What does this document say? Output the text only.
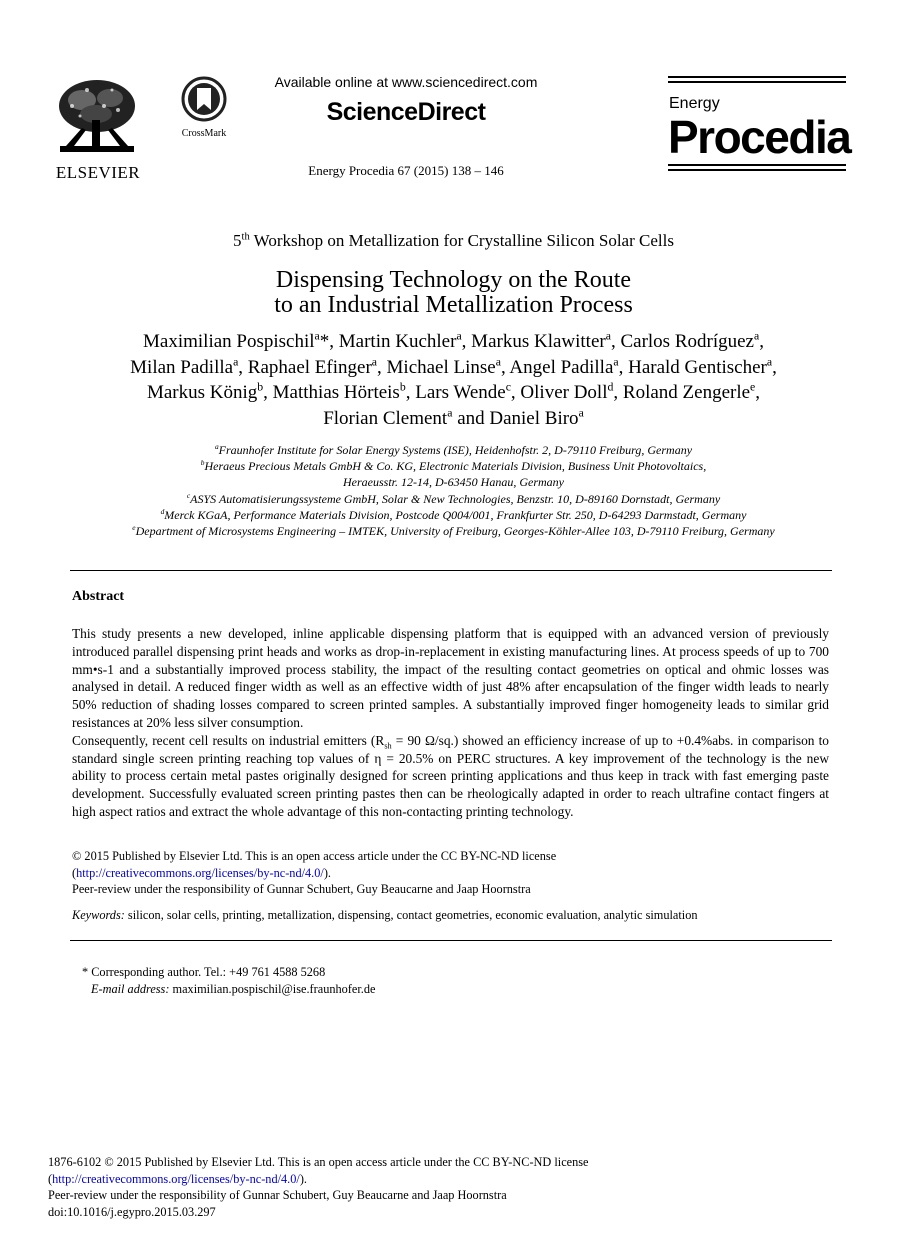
ELSEVIER
CrossMark
Available online at www.sciencedirect.com
ScienceDirect
Energy Procedia 67 (2015) 138 – 146
Energy
Procedia
5th Workshop on Metallization for Crystalline Silicon Solar Cells
Dispensing Technology on the Route
to an Industrial Metallization Process
Maximilian Pospischil$^a$*, Martin Kuchler$^a$, Markus Klawitter$^a$, Carlos Rodríguez$^a$,
Milan Padilla$^a$, Raphael Efinger$^a$, Michael Linse$^a$, Angel Padilla$^a$, Harald Gentischer$^a$,
Markus König$^b$, Matthias Hörteis$^b$, Lars Wende$^c$, Oliver Doll$^d$, Roland Zengerle$^e$,
Florian Clement$^a$ and Daniel Biro$^a$
$^a$Fraunhofer Institute for Solar Energy Systems (ISE), Heidenhofstr. 2, D-79110 Freiburg, Germany
$^b$Heraeus Precious Metals GmbH & Co. KG, Electronic Materials Division, Business Unit Photovoltaics,
Heraeusstr. 12-14, D-63450 Hanau, Germany
$^c$ASYS Automatisierungssysteme GmbH, Solar & New Technologies, Benzstr. 10, D-89160 Dornstadt, Germany
$^d$Merck KGaA, Performance Materials Division, Postcode Q004/001, Frankfurter Str. 250, D-64293 Darmstadt, Germany
$^e$Department of Microsystems Engineering – IMTEK, University of Freiburg, Georges-Köhler-Allee 103, D-79110 Freiburg, Germany
Abstract

This study presents a new developed, inline applicable dispensing platform that is equipped with an advanced version of previously introduced parallel dispensing print heads and works as drop-in-replacement in existing manufacturing lines. At process speeds of up to 700 mm•s-1 and a substantially improved process stability, the impact of the resulting contact geometries on optical and ohmic losses was analysed in detail. A reduced finger width as well as an effective width of just 48% after encapsulation of the finger width leads to nearly 50% reduction of shading losses compared to screen printed samples. A substantially improved finger homogeneity leads to similar grid resistances at 20% less silver consumption.

Consequently, recent cell results on industrial emitters ($R_{sh} = 90$ Ω/sq.) showed an efficiency increase of up to +0.4%abs. in comparison to standard single screen printing reaching top values of η = 20.5% on PERC structures. A key improvement of the technology is the new ability to process certain metal pastes originally designed for screen printing applications and thus keep in track with fast emerging paste development. Successfully evaluated screen printing pastes then can be rheologically adapted in order to reach ultrafine contact fingers at high aspect ratios and extract the whole advantage of this non-contacting printing technology.

© 2015 Published by Elsevier Ltd. This is an open access article under the CC BY-NC-ND license
(http://creativecommons.org/licenses/by-nc-nd/4.0/).
Peer-review under the responsibility of Gunnar Schubert, Guy Beaucarne and Jaap Hoornstra
Keywords: silicon, solar cells, printing, metallization, dispensing, contact geometries, economic evaluation, analytic simulation
* Corresponding author. Tel.: +49 761 4588 5268
E-mail address: maximilian.pospischil@ise.fraunhofer.de
1876-6102 © 2015 Published by Elsevier Ltd. This is an open access article under the CC BY-NC-ND license
(http://creativecommons.org/licenses/by-nc-nd/4.0/).
Peer-review under the responsibility of Gunnar Schubert, Guy Beaucarne and Jaap Hoornstra
doi:10.1016/j.egypro.2015.03.297
